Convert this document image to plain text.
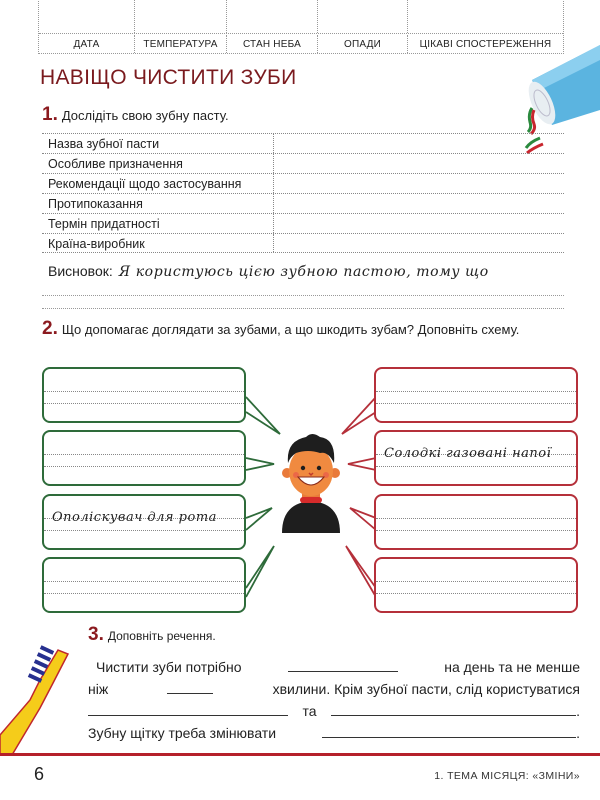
ДАТА	ТЕМПЕРАТУРА	СТАН НЕБА	ОПАДИ	ЦІКАВІ СПОСТЕРЕЖЕННЯ
НАВІЩО ЧИСТИТИ ЗУБИ
1. Дослідіть свою зубну пасту.
Назва зубної пасти
Особливе призначення
Рекомендації щодо застосування
Протипоказання
Термін придатності
Країна-виробник
Висновок: Я користуюсь цією зубною пастою, тому що
2. Що допомагає доглядати за зубами, а що шкодить зубам? Доповніть схему.
Ополіскувач для рота
Солодкі газовані напої
3. Доповніть речення.
Чистити зуби потрібно	на день та не менше
ніж	хвилини. Крім зубної пасти, слід користуватися
та	.
Зубну щітку треба змінювати	.
6	1. ТЕМА МІСЯЦЯ: «ЗМІНИ»
